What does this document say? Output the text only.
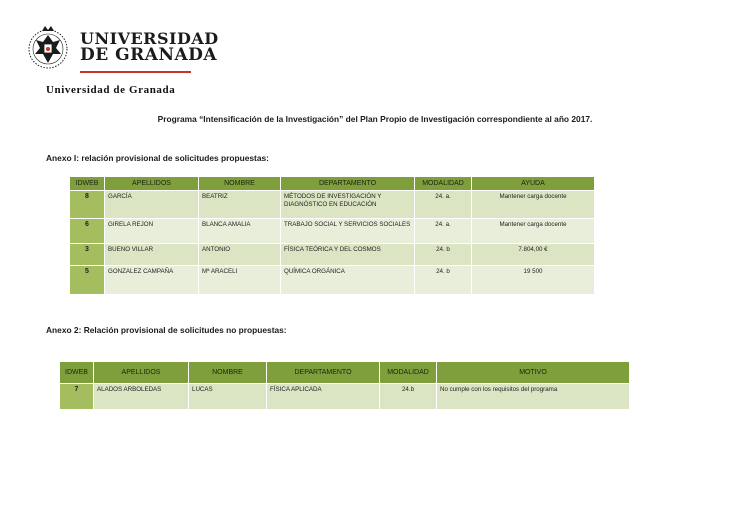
UNIVERSIDAD
DE GRANADA
Universidad de Granada
Programa “Intensificación de la Investigación” del Plan Propio de Investigación correspondiente al año 2017.
Anexo I: relación provisional de solicitudes propuestas:
IDWEB	APELLIDOS	NOMBRE	DEPARTAMENTO	MODALIDAD	AYUDA
8	GARCÍA	BEATRIZ	MÉTODOS DE INVESTIGACIÓN Y DIAGNÓSTICO EN EDUCACIÓN	24. a.	Mantener carga docente
6	GIRELA REJON	BLANCA AMALIA	TRABAJO SOCIAL Y SERVICIOS SOCIALES	24. a.	Mantener carga docente
3	BUENO VILLAR	ANTONIO	FÍSICA TEÓRICA Y DEL COSMOS	24. b	7.804,00 €
5	GONZALEZ CAMPAÑA	Mª ARACELI	QUÍMICA ORGÁNICA	24. b	19 500
Anexo 2: Relación provisional de solicitudes no propuestas:
IDWEB	APELLIDOS	NOMBRE	DEPARTAMENTO	MODALIDAD	MOTIVO
7	ALADOS ARBOLEDAS	LUCAS	FÍSICA APLICADA	24.b	No cumple con los requisitos del programa
